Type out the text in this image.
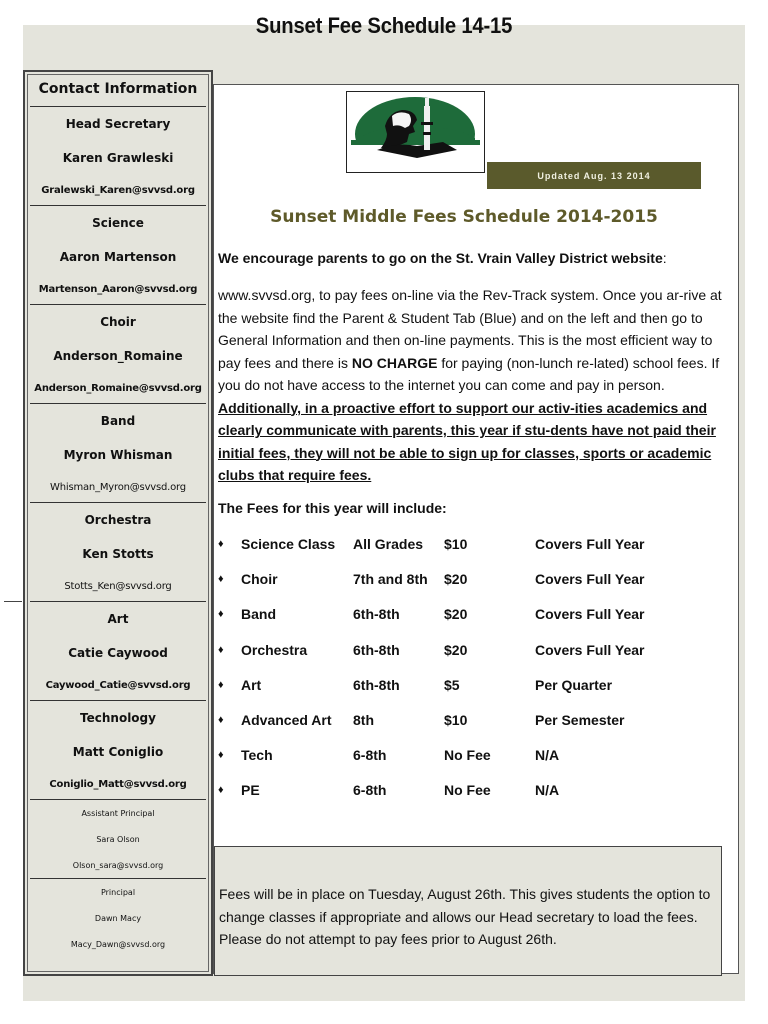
Sunset Fee Schedule 14-15
Contact Information
Head Secretary
Karen Grawleski
Gralewski_Karen@svvsd.org
Science
Aaron Martenson
Martenson_Aaron@svvsd.org
Choir
Anderson_Romaine
Anderson_Romaine@svvsd.org
Band
Myron Whisman
Whisman_Myron@svvsd.org
Orchestra
Ken Stotts
Stotts_Ken@svvsd.org
Art
Catie Caywood
Caywood_Catie@svvsd.org
Technology
Matt Coniglio
Coniglio_Matt@svvsd.org
Assistant Principal
Sara Olson
Olson_sara@svvsd.org
Principal
Dawn Macy
Macy_Dawn@svvsd.org
Updated Aug. 13 2014
Sunset Middle Fees Schedule 2014-2015
We encourage parents to go on the St. Vrain Valley District website:
www.svvsd.org, to pay fees on-line via the Rev-Track system. Once you ar-rive at the website find the Parent & Student Tab (Blue) and on the left and then go to General Information and then on-line payments. This is the most efficient way to pay fees and there is NO CHARGE for paying (non-lunch re-lated) school fees. If you do not have access to the internet you can come and pay in person. Additionally, in a proactive effort to support our activ-ities academics and clearly communicate with parents, this year if stu-dents have not paid their initial fees, they will not be able to sign up for classes, sports or academic clubs that require fees.
The Fees for this year will include:
♦ Science Class All Grades $10	Covers Full Year
♦ Choir	7th and 8th $20	Covers Full Year
♦ Band	6th-8th	$20	Covers Full Year
♦ Orchestra	6th-8th	$20	Covers Full Year
♦ Art	6th-8th	$5	Per Quarter
♦ Advanced Art 8th	$10	Per Semester
♦ Tech	6-8th	No Fee	N/A
♦ PE	6-8th	No Fee	N/A
Fees will be in place on Tuesday, August 26th. This gives students the option to change classes if appropriate and allows our Head secretary to load the fees. Please do not attempt to pay fees prior to August 26th.
